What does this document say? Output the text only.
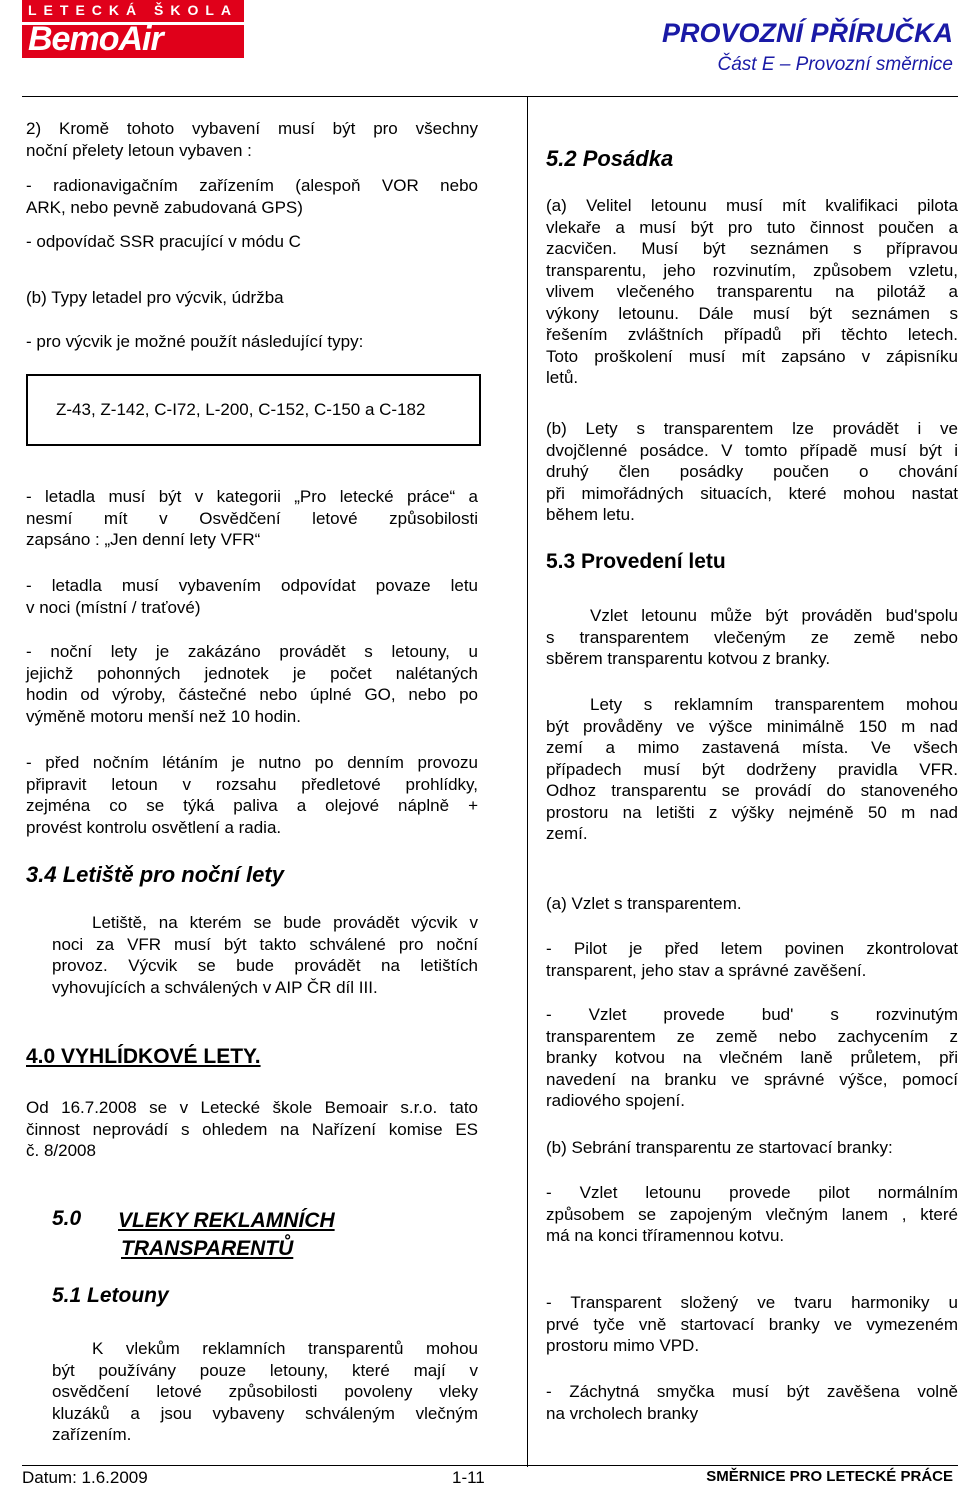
LETECKÁ ŠKOLA
BemoAir	PROVOZNÍ PŘÍRUČKA
Část E – Provozní směrnice

2) Kromě tohoto vybavení musí být pro všechny

noční přelety letoun vybaven :

- radionavigačním zařízením (alespoň VOR nebo

ARK, nebo pevně zabudovaná GPS)

- odpovídač SSR pracující v módu C

(b) Typy letadel pro výcvik, údržba

- pro výcvik je možné použít následující typy:

Z-43, Z-142, C-I72, L-200, C-152, C-150 a C-182

- letadla musí být v kategorii „Pro letecké práce“ a

nesmí mít v Osvědčení letové způsobilosti

zapsáno : „Jen denní lety VFR“

- letadla musí vybavením odpovídat povaze letu

v noci (místní / traťové)

- noční lety je zakázáno provádět s letouny, u

jejichž pohonných jednotek je počet nalétaných

hodin od výroby, částečné nebo úplné GO, nebo po

výměně motoru menší než 10 hodin.

- před nočním létáním je nutno po denním provozu

připravit letoun v rozsahu předletové prohlídky,

zejména co se týká paliva a olejové náplně +

provést kontrolu osvětlení a radia.

3.4 Letiště pro noční lety

Letiště, na kterém se bude provádět výcvik v

noci za VFR musí být takto schválené pro noční

provoz. Výcvik se bude provádět na letištích

vyhovujících a schválených v AIP ČR díl III.

4.0 VYHLÍDKOVÉ LETY.

Od 16.7.2008 se v Letecké škole Bemoair s.r.o. tato

činnost neprovádí s ohledem na Nařízení komise ES

č. 8/2008

5.0 VLEKY REKLAMNÍCH
TRANSPARENTŮ
5.1 Letouny

K vlekům reklamních transparentů mohou

být používány pouze letouny, které mají v

osvědčení letové způsobilosti povoleny vleky

kluzáků a jsou vybaveny schváleným vlečným

zařízením.

5.2 Posádka

(a) Velitel letounu musí mít kvalifikaci pilota

vlekaře a musí být pro tuto činnost poučen a

zacvičen. Musí být seznámen s přípravou

transparentu, jeho rozvinutím, způsobem vzletu,

vlivem vlečeného transparentu na pilotáž a

výkony letounu. Dále musí být seznámen s

řešením zvláštních případů při těchto letech.

Toto proškolení musí mít zapsáno v zápisníku

letů.

(b) Lety s transparentem lze provádět i ve

dvojčlenné posádce. V tomto případě musí být i

druhý člen posádky poučen o chování

při mimořádných situacích, které mohou nastat

během letu.

5.3 Provedení letu

Vzlet letounu může být prováděn bud'spolu

s transparentem vlečeným ze země nebo

sběrem transparentu kotvou z branky.

Lety s reklamním transparentem mohou

být provåděny ve výšce minimálně 150 m nad

zemí a mimo zastavená místa. Ve všech

případech musí být dodrženy pravidla VFR.

Odhoz transparentu se provádí do stanoveného

prostoru na letišti z výšky nejméně 50 m nad

zemí.

(a) Vzlet s transparentem.

- Pilot je před letem povinen zkontrolovat

transparent, jeho stav a správné zavěšení.

- Vzlet provede bud' s rozvinutým

transparentem ze země nebo zachycením z

branky kotvou na vlečném laně průletem, při

navedení na branku ve správné výšce, pomocí

radiového spojení.

(b) Sebrání transparentu ze startovací branky:

- Vzlet letounu provede pilot normálním

způsobem se zapojeným vlečným lanem , které

má na konci tříramennou kotvu.

- Transparent složený ve tvaru harmoniky u

prvé tyče vně startovací branky ve vymezeném

prostoru mimo VPD.

- Záchytná smyčka musí být zavěšena volně

na vrcholech branky

Datum: 1.6.2009	1-11	SMĚRNICE PRO LETECKÉ PRÁCE
